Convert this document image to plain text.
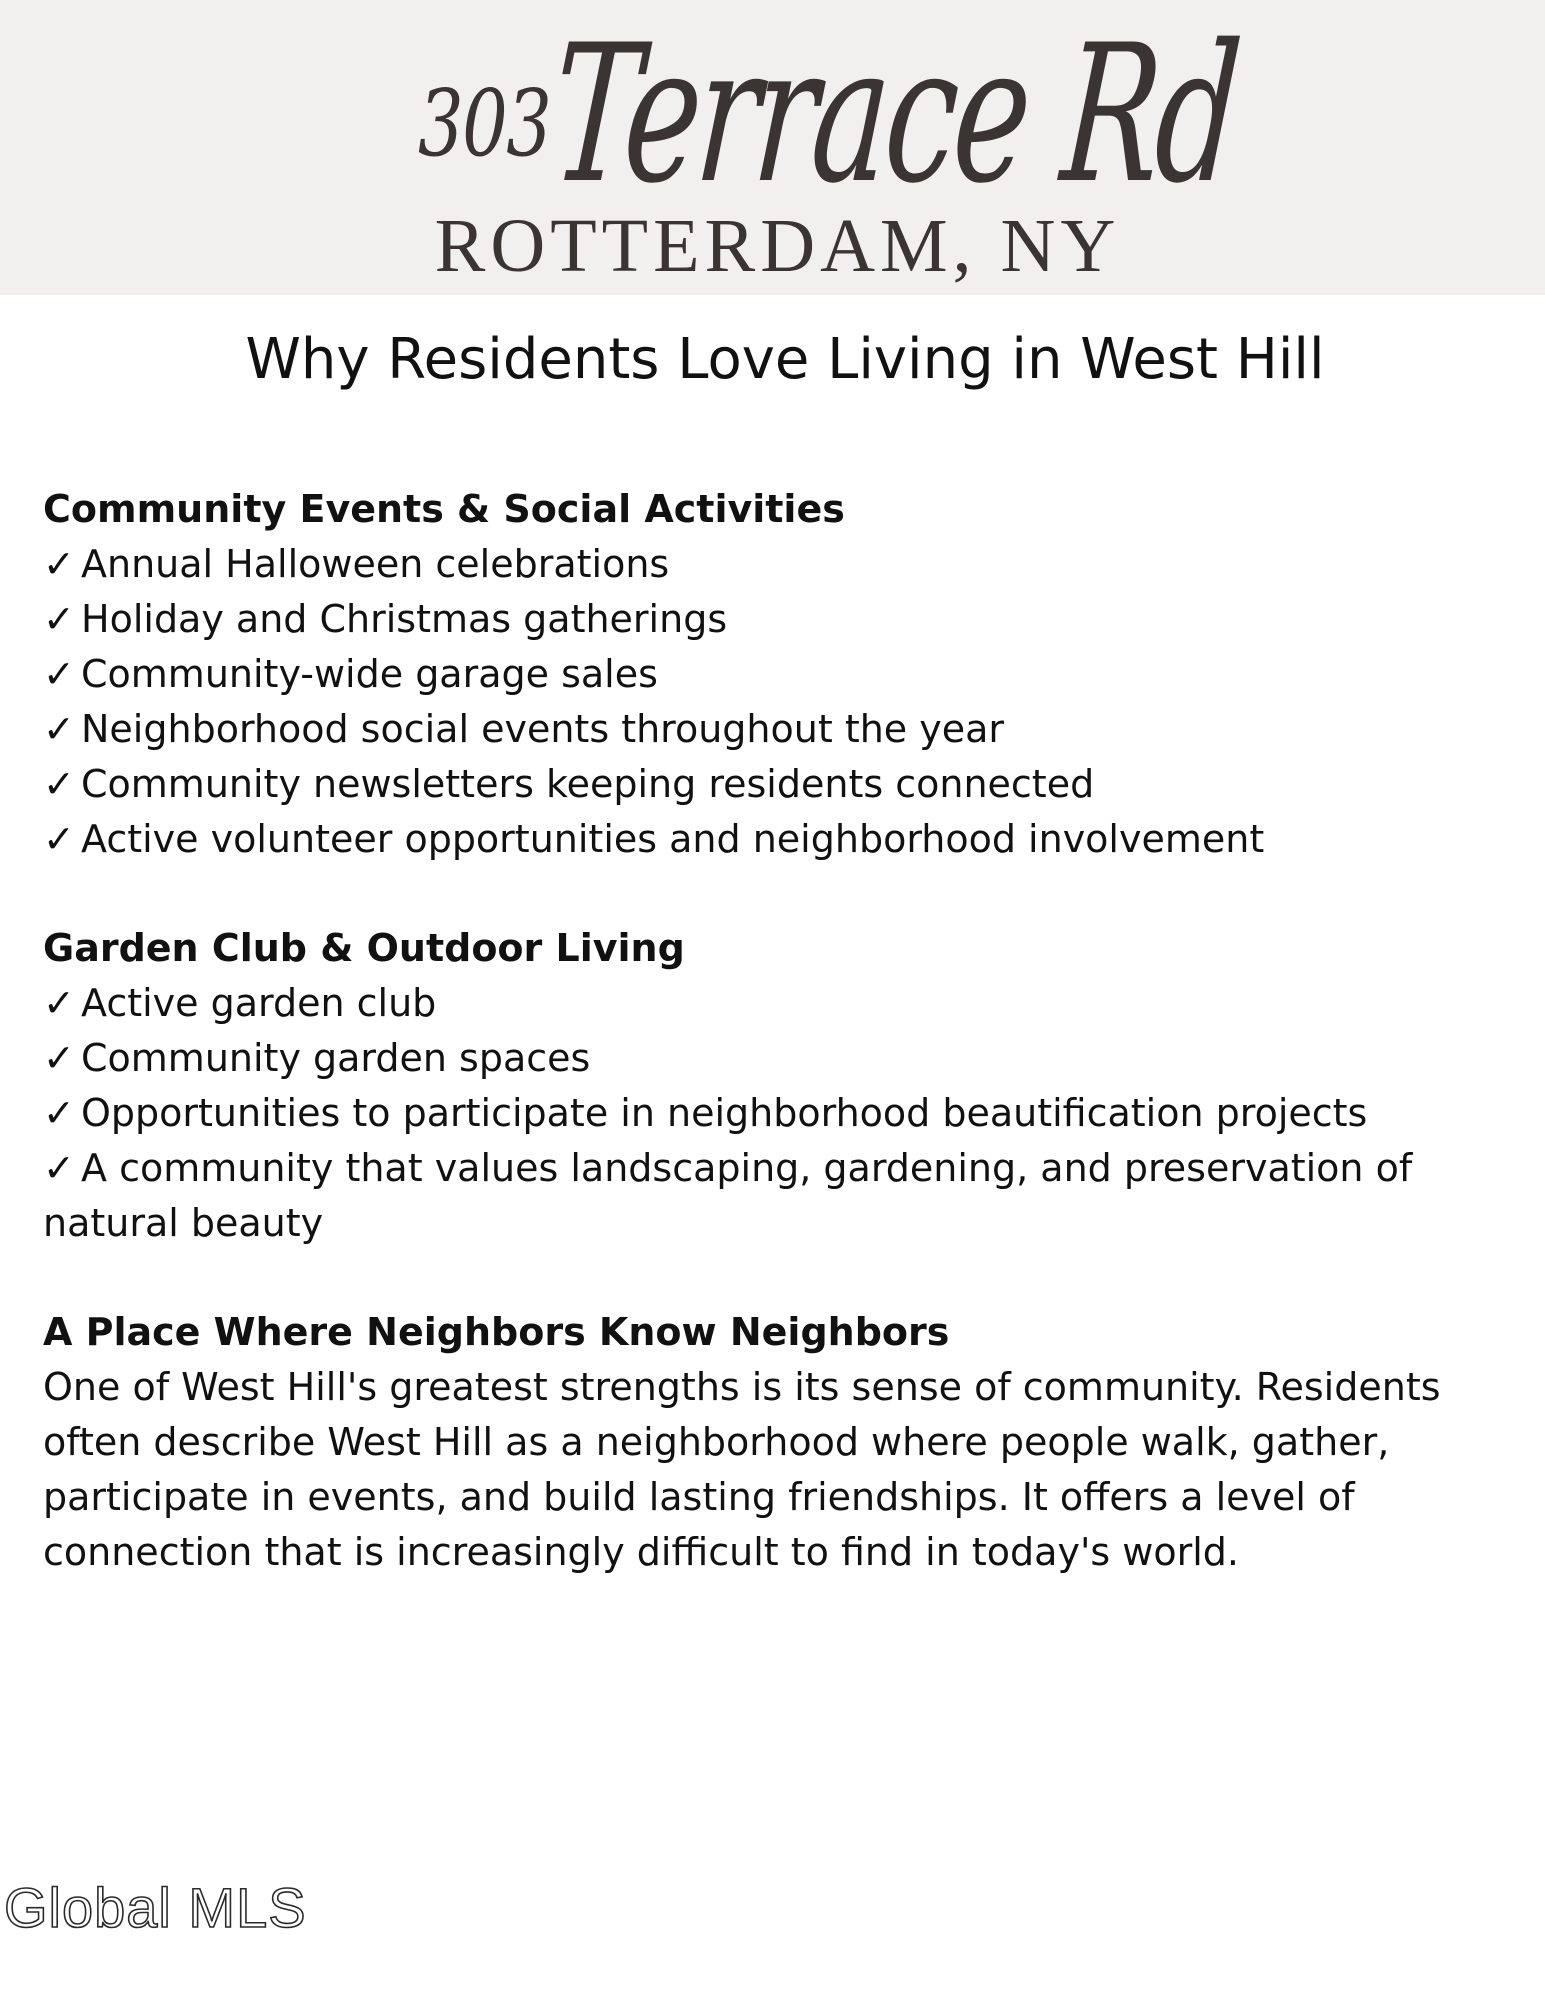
303
Terrace Rd
ROTTERDAM, NY
Why Residents Love Living in West Hill

Community Events & Social Activities

✓ Annual Halloween celebrations

✓ Holiday and Christmas gatherings

✓ Community-wide garage sales

✓ Neighborhood social events throughout the year

✓ Community newsletters keeping residents connected

✓ Active volunteer opportunities and neighborhood involvement

Garden Club & Outdoor Living

✓ Active garden club

✓ Community garden spaces

✓ Opportunities to participate in neighborhood beautification projects

✓ A community that values landscaping, gardening, and preservation of natural beauty

A Place Where Neighbors Know Neighbors

One of West Hill's greatest strengths is its sense of community. Residents often describe West Hill as a neighborhood where people walk, gather, participate in events, and build lasting friendships. It offers a level of connection that is increasingly difficult to find in today's world.

Global MLS
